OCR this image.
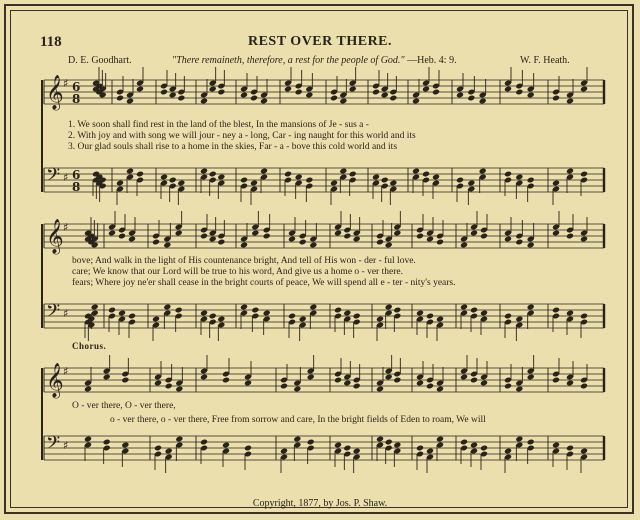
118	REST OVER THERE.
D. E. Goodhart.	"There remaineth, therefore, a rest for the people of God." —Heb. 4: 9.	W. F. Heath.
𝄞 ♯ 6
8
𝄢 ♯ 6
8
𝄞 ♯
𝄢 ♯
𝄞 ♯
𝄢 ♯
1. We soon shall find rest in the land of the blest, In the mansions of Je - sus a -
2. With joy and with song we will jour - ney a - long, Car - ing naught for this world and its
3. Our glad souls shall rise to a home in the skies, Far - a - bove this cold world and its
bove; And walk in the light of His countenance bright, And tell of His won - der - ful love.
care; We know that our Lord will be true to his word, And give us a home o - ver there.
fears; Where joy ne'er shall cease in the bright courts of peace, We will spend all e - ter - nity's years.
Chorus.
O - ver there, O - ver there,
o - ver there, o - ver there, Free from sorrow and care, In the bright fields of Eden to roam, We will
Copyright, 1877, by Jos. P. Shaw.
